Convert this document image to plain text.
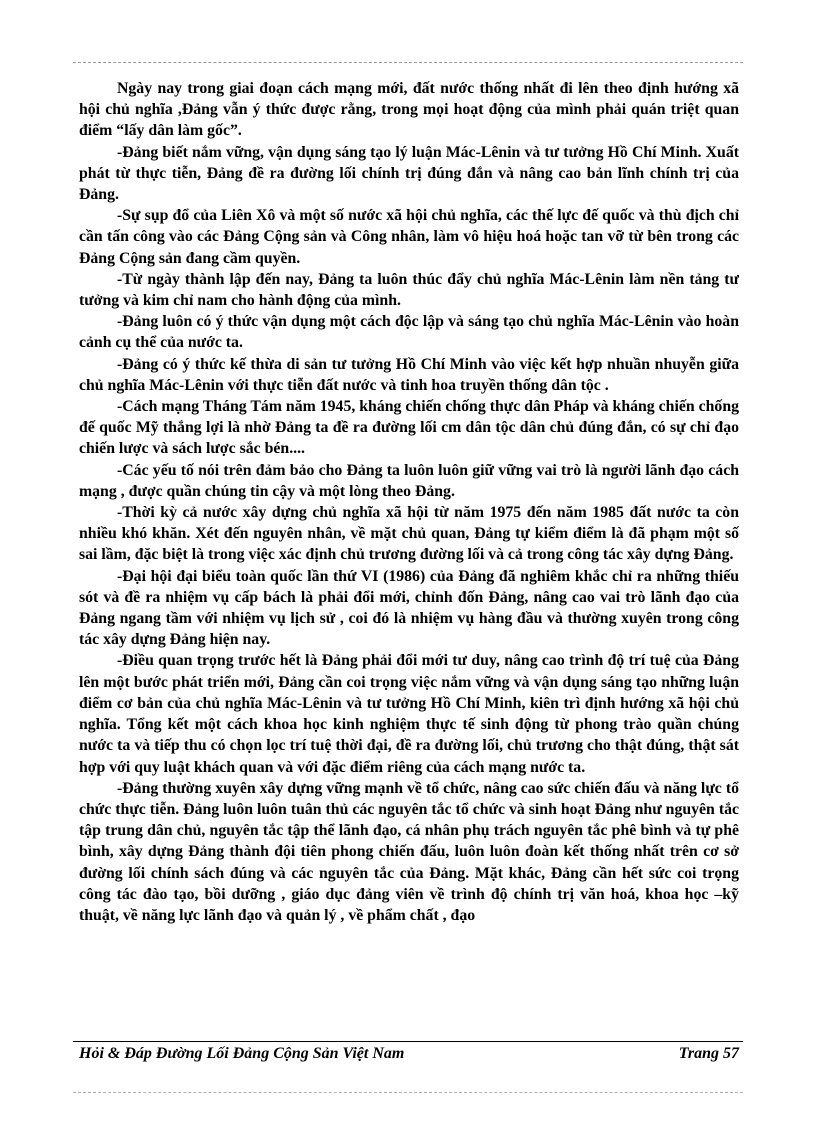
Ngày nay trong giai đoạn cách mạng mới, đất nước thống nhất đi lên theo định hướng xã hội chủ nghĩa ,Đảng vẫn ý thức được rằng, trong mọi hoạt động của mình phải quán triệt quan điểm “lấy dân làm gốc”.

-Đảng biết nắm vững, vận dụng sáng tạo lý luận Mác-Lênin và tư tưởng Hồ Chí Minh. Xuất phát từ thực tiễn, Đảng đề ra đường lối chính trị đúng đắn và nâng cao bản lĩnh chính trị của Đảng.

-Sự sụp đổ của Liên Xô và một số nước xã hội chủ nghĩa, các thế lực đế quốc và thù địch chỉ cần tấn công vào các Đảng Cộng sản và Công nhân, làm vô hiệu hoá hoặc tan vỡ từ bên trong các Đảng Cộng sản đang cầm quyền.

-Từ ngày thành lập đến nay, Đảng ta luôn thúc đẩy chủ nghĩa Mác-Lênin làm nền tảng tư tưởng và kim chỉ nam cho hành động của mình.

-Đảng luôn có ý thức vận dụng một cách độc lập và sáng tạo chủ nghĩa Mác-Lênin vào hoàn cảnh cụ thể của nước ta.

-Đảng có ý thức kế thừa di sản tư tưởng Hồ Chí Minh vào việc kết hợp nhuần nhuyễn giữa chủ nghĩa Mác-Lênin với thực tiễn đất nước và tinh hoa truyền thống dân tộc .

-Cách mạng Tháng Tám năm 1945, kháng chiến chống thực dân Pháp và kháng chiến chống đế quốc Mỹ thắng lợi là nhờ Đảng ta đề ra đường lối cm dân tộc dân chủ đúng đắn, có sự chỉ đạo chiến lược và sách lược sắc bén....

-Các yếu tố nói trên đảm bảo cho Đảng ta luôn luôn giữ vững vai trò là người lãnh đạo cách mạng , được quần chúng tin cậy và một lòng theo Đảng.

-Thời kỳ cả nước xây dựng chủ nghĩa xã hội từ năm 1975 đến năm 1985 đất nước ta còn nhiều khó khăn. Xét đến nguyên nhân, về mặt chủ quan, Đảng tự kiểm điểm là đã phạm một số sai lầm, đặc biệt là trong việc xác định chủ trương đường lối và cả trong công tác xây dựng Đảng.

-Đại hội đại biểu toàn quốc lần thứ VI (1986) của Đảng đã nghiêm khắc chỉ ra những thiếu sót và đề ra nhiệm vụ cấp bách là phải đổi mới, chỉnh đốn Đảng, nâng cao vai trò lãnh đạo của Đảng ngang tầm với nhiệm vụ lịch sử , coi đó là nhiệm vụ hàng đầu và thường xuyên trong công tác xây dựng Đảng hiện nay.

-Điều quan trọng trước hết là Đảng phải đổi mới tư duy, nâng cao trình độ trí tuệ của Đảng lên một bước phát triển mới, Đảng cần coi trọng việc nắm vững và vận dụng sáng tạo những luận điểm cơ bản của chủ nghĩa Mác-Lênin và tư tưởng Hồ Chí Minh, kiên trì định hướng xã hội chủ nghĩa. Tổng kết một cách khoa học kinh nghiệm thực tế sinh động từ phong trào quần chúng nước ta và tiếp thu có chọn lọc trí tuệ thời đại, đề ra đường lối, chủ trương cho thật đúng, thật sát hợp với quy luật khách quan và với đặc điểm riêng của cách mạng nước ta.

-Đảng thường xuyên xây dựng vững mạnh về tổ chức, nâng cao sức chiến đấu và năng lực tổ chức thực tiễn. Đảng luôn luôn tuân thủ các nguyên tắc tổ chức và sinh hoạt Đảng như nguyên tắc tập trung dân chủ, nguyên tắc tập thể lãnh đạo, cá nhân phụ trách nguyên tắc phê bình và tự phê bình, xây dựng Đảng thành đội tiên phong chiến đấu, luôn luôn đoàn kết thống nhất trên cơ sở đường lối chính sách đúng và các nguyên tắc của Đảng. Mặt khác, Đảng cần hết sức coi trọng công tác đào tạo, bồi dưỡng , giáo dục đảng viên về trình độ chính trị văn hoá, khoa học –kỹ thuật, về năng lực lãnh đạo và quản lý , về phẩm chất , đạo

Hỏi & Đáp Đường Lối Đảng Cộng Sản Việt Nam	Trang 57
